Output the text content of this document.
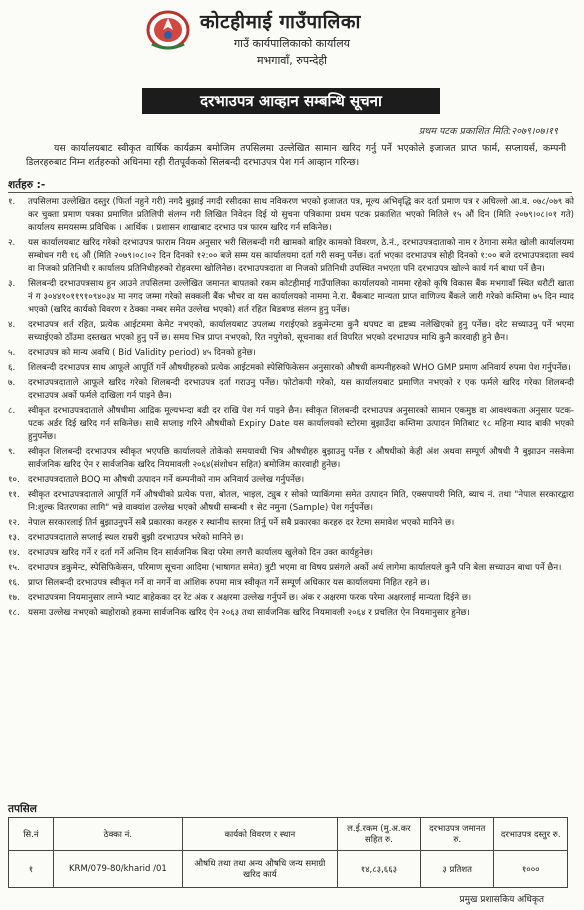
कोटहीमाई गाउँपालिका
गाउँ कार्यपालिकाको कार्यालय
मभगावाँ, रुपन्देही
दरभाउपत्र आव्हान सम्बन्धि सूचना
प्रथम पटक प्रकाशित मिति:२०७९।०७।१९
यस कार्यालयबाट स्वीकृत वार्षिक कार्यक्रम बमोजिम तपसिलमा उल्लेखित सामान खरिद गर्नु पर्ने भएकोले इजाजत प्राप्त फार्म, सप्लायर्स, कम्पनी डिलरहरुबाट निम्न शर्तहरुको अधिनमा रही रीतपूर्वकको सिलबन्दी दरभाउपत्र पेश गर्न आव्हान गरिन्छ।
शर्तहरु :-
१.	तपसिलमा उल्लेखित दस्तुर (फिर्ता नहुने गरी) नगदै बुझाई नगदी रसीदका साथ नविकरण भएको इजाजत पत्र, मूल्य अभिवृद्धि कर दर्ता प्रमाण पत्र र अघिल्लो आ.व. ०७८/०७९ को कर चुक्ता प्रमाण पत्रका प्रमाणित प्रतिलिपी संलग्न गरी लिखित निवेदन दिई यो सुचना पत्रिकामा प्रथम पटक प्रकाशित भएको मितिले १५ औं दिन (मिति २०७९।०८।०१ गते) कार्यालय समयसम्म प्रविधिक । आर्थिक । प्रशासन शाखाबाट दरभाउ पत्र फारम खरिद गर्न सकिनेछ।
२.	यस कार्यालयबाट खरिद गरेको दरभाउपत्र फाराम नियम अनुसार भरी सिलबन्दी गरी खामको बाहिर कामको विवरण, ठे.नं., दरभाउपत्रदाताको नाम र ठेगाना समेत खोली कार्यालयमा सम्बोधन गरी १६ औं (मिति २०७९।०८।०२ दिन दिनको १२:०० बजे सम्म यस कार्यालयमा दर्ता गरी सक्नु पर्नेछ। दर्ता भएका दरभाउपत्र सोही दिनको १:०० बजे दरभाउपत्रदाता स्वयं वा निजको प्रतिनिधी र कार्यालय प्रतिनिधीहरुको रोहवरमा खोलिनेछ। दरभाउपत्रदाता वा निजको प्रतिनिधी उपस्थित नभएता पनि दरभाउपत्र खोल्ने कार्य गर्न बाधा पर्ने छैन।
३.	सिलबन्दी दरभाउपत्रसाथ हुन आउने तपसिलमा उल्लेखित जमानत बापतको रकम कोटहीमाई गाउँपालिका कार्यालयको नाममा रहेको कृषि विकास बैंक मभगावाँ स्थित धरौटी खाता नं ग ३०४४१०११९१०९४०३४ मा नगद जम्मा गरेको सक्कली बैंक भौचर वा यस कार्यालयको नाममा ने.रा. बैंकबाट मान्यता प्राप्त वाणिज्य बैंकले जारी गरेको कम्तिमा ७५ दिन म्याद भएको (खरिद कार्यको विवरण र ठेक्का नम्बर समेत उल्लेख भएको) शर्त रहित बिडबण्ड संलग्न हुनु पर्नेछ।
४.	दरभाउपत्र शर्त रहित, प्रत्येक आईटममा केमेट नभएको, कार्यालयबाट उपलब्ध गराईएको डकुमेन्टमा कुनै थपघट वा द्रष्टब्य नलेखिएको हुनु पर्नेछ। दरेट सच्याउनु पर्ने भएमा सच्याईएको ठाँउमा दस्तखत भएको हुनु पर्ने छ। समय भित्र प्राप्त नभएको, रित नपुगेको, सूचनाका शर्त विपरित भएको दरभाउपत्र माथि कुनै कारवाही हुने छैन।
५.	दरभाउपत्र को मान्य अवधि ( Bid Validity period) ४५ दिनको हुनेछ।
६.	शिलबन्दी दरभाउपत्र साथ आफूले आपूर्ति गर्ने औषधीहरुको प्रत्येक आईटमको स्पेसिफिकेसन अनुसारको औषधी कम्पनीहरुको WHO GMP प्रमाण अनिवार्य रुपमा पेश गर्नुपर्नेछ।
७.	दरभाउपत्रदाताले आफूले खरिद गरेको शिलबन्दी दरभाउपत्र दर्ता गराउनु पर्नेछ। फोटोकपी गरेको, यस कार्यालयबाट प्रमाणित नभएको र एक फर्मले खरिद गरेका शिलबन्दी दरभाउपत्र अर्को फर्मले दाखिला गर्न पाइने छैन।
८.	स्वीकृत दरभाउपत्रदाताले औषधीमा आद्रिक मूल्यभन्दा बढी दर राखि पेश गर्न पाइने छैन। स्वीकृत शिलबन्दी दरभाउपत्र अनुसारको सामान एकमुष्ठ वा आवश्यकता अनुसार पटक-पटक अर्डर दिई खरिद गर्न सकिनेछ। साथै सप्लाइ गरिने औषधीको Expiry Date यस कार्यालयको स्टोरमा बुझाउँदा कम्तिमा उत्पादन मितिबाट १८ महिना म्याद बाकी भएको हुनुपर्नेछ।
९.	स्वीकृत शिलबन्दी दरभाउपत्र स्वीकृत भएपछि कार्यालयले तोकेको समयावधी भित्र औषधीहरु बुझाउनु पर्नेछ र औषधीको केही अंश अथवा सम्पूर्ण औषधी नै बुझाउन नसकेमा सार्वजनिक खरिद ऐन र सार्वजनिक खरिद नियमावली २०६४(संशोधन सहित) बमोजिम कारवाही हुनेछ।
१०. दरभाउपत्रदाताले BOQ मा औषधी उत्पादन गर्ने कम्पनीको नाम अनिवार्य उल्लेख गर्नुपर्नेछ।
११. स्वीकृत दरभाउपत्रदाताले आपूर्ति गर्ने औषधीको प्रत्येक पत्ता, बोतल, भाइल, ट्युब र सोको प्याकिंगमा समेत उत्पादन मिति, एक्सपायरी मिति, ब्याच नं. तथा "नेपाल सरकारद्वारा नि:शुल्क वितरणका लागि" भन्ने वाक्यांश उल्लेख भएको औषधी सम्बन्धी १ सेट नमुना (Sample) पेश गर्नुपर्नेछ।
१२. नेपाल सरकारलाई तिर्न बुझाउनुपर्ने सबै प्रकारका करहरु र स्थानीय स्तरमा तिर्नु पर्ने सबै प्रकारका करहरु दर रेटमा समावेश भएको मानिने छ।
१३. दरभाउपत्रदाताले सप्लाई स्थल राम्ररी बुझी दरभाउपत्र भरेको मानिने छ।
१४. दरभाउपत्र खरिद गर्ने र दर्ता गर्ने अन्तिम दिन सार्वजनिक बिदा परेमा लगत्तै कार्यालय खुलेको दिन उक्त कार्यहुनेछ।
१५. दरभाउपत्र डकुमेन्ट, स्पेसिफिकेसन, परिमाण सूचना आदिमा (भाषागत समेत) त्रुटी भएमा वा विषय प्रसंगले अर्को अर्थ लागेमा कार्यालयले कुनै पनि बेला सच्याउन बाधा पर्ने छैन।
१६. प्राप्त सिलबन्दी दरभाउपत्र स्वीकृत गर्ने वा नगर्ने वा आंशिक रुपमा मात्र स्वीकृत गर्ने सम्पूर्ण अधिकार यस कार्यालयमा निहित रहने छ।
१७. दरभाउपत्रमा नियमानुसार लाग्ने भ्याट बाहेकका दर रेट अंक र अक्षरमा उल्लेख गर्नुपर्ने छ। अंक र अक्षरमा फरक परेमा अक्षरलाई मान्यता दिईने छ।
१८. यसमा उल्लेख नभएको ब्यहोराको हकमा सार्वजनिक खरिद ऐन २०६३ तथा सार्वजनिक खरिद नियमावली २०६४ र प्रचलित ऐन नियमानुसार हुनेछ।
तपसिल
सि.नं	ठेक्का नं.	कार्यको विवरण र स्थान	ल.ई.रकम (मु.अ.कर सहित रु.	दरभाउपत्र जमानत रु.	दरभाउपत्र दस्तुर रु.
१	KRM/079-80/kharid /01	औषधि तथा तथा अन्य औषधि जन्य समाग्री खरिद कार्य	१४,८३,६६३	३ प्रतिशत	१०००
प्रमुख प्रशासकिय अधिकृत
